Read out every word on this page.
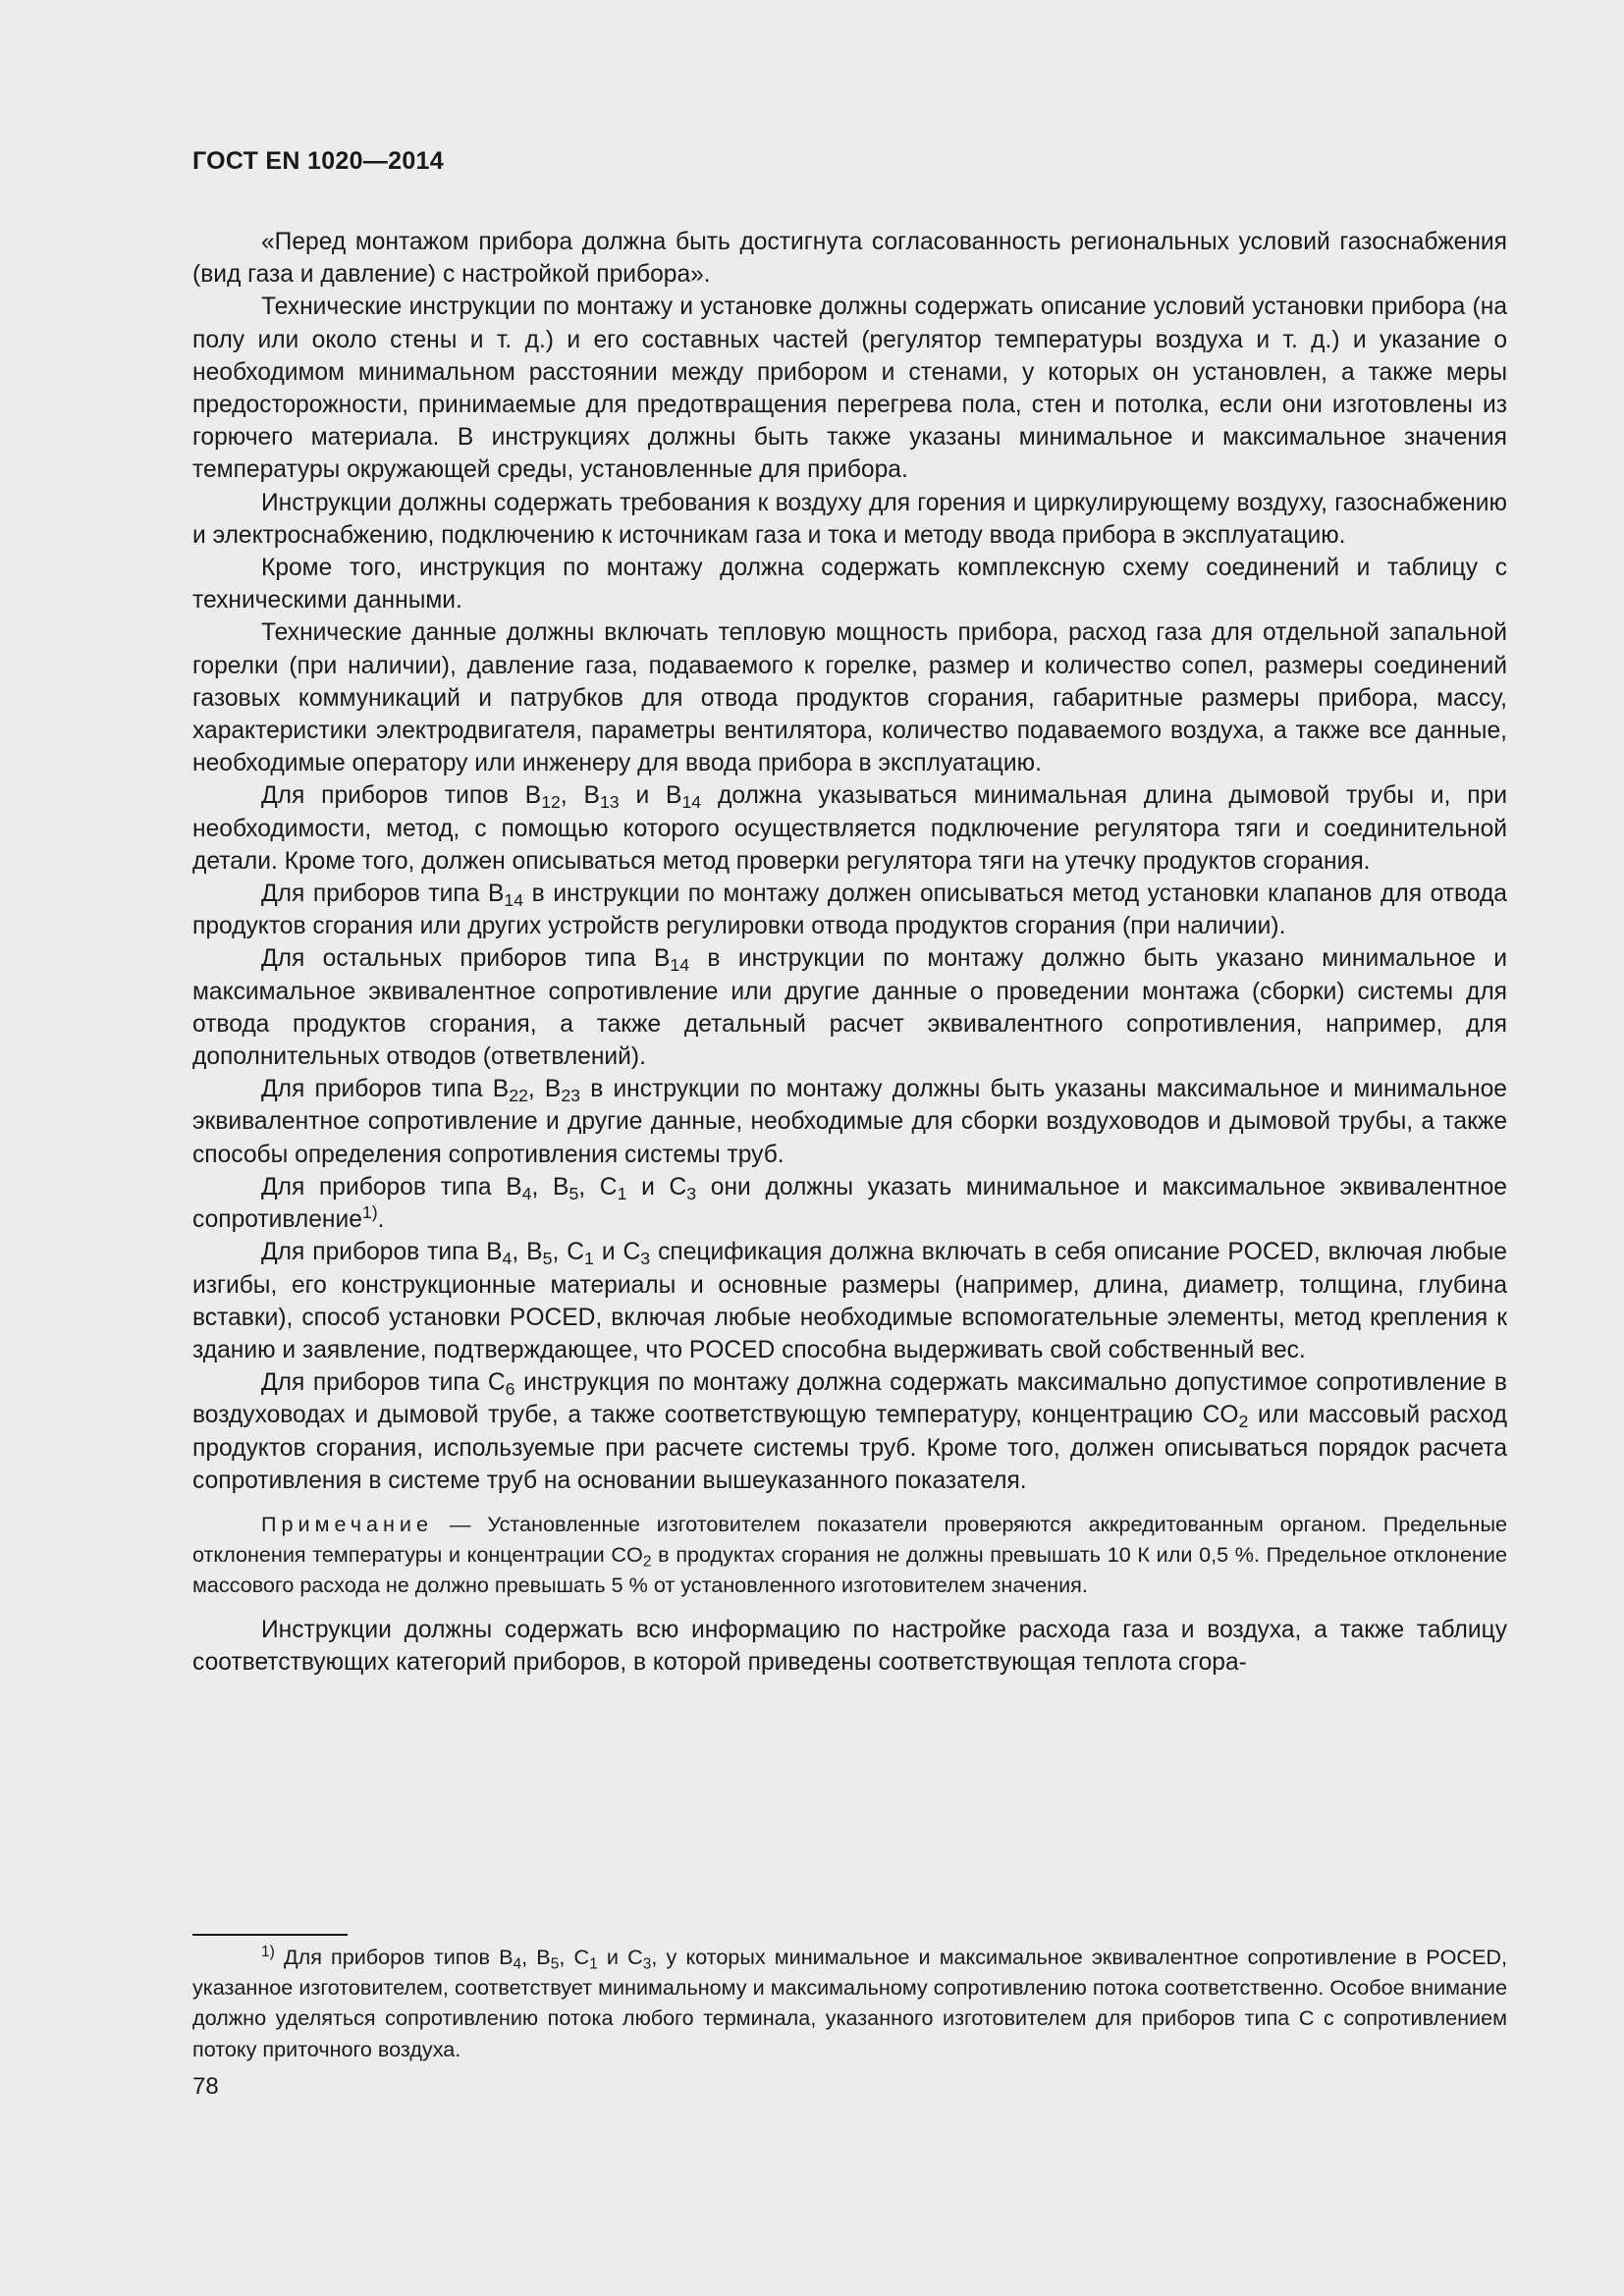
ГОСТ EN 1020—2014

«Перед монтажом прибора должна быть достигнута согласованность региональных условий газоснабжения (вид газа и давление) с настройкой прибора».

Технические инструкции по монтажу и установке должны содержать описание условий установки прибора (на полу или около стены и т. д.) и его составных частей (регулятор температуры воздуха и т. д.) и указание о необходимом минимальном расстоянии между прибором и стенами, у которых он установлен, а также меры предосторожности, принимаемые для предотвращения перегрева пола, стен и потолка, если они изготовлены из горючего материала. В инструкциях должны быть также указаны минимальное и максимальное значения температуры окружающей среды, установленные для прибора.

Инструкции должны содержать требования к воздуху для горения и циркулирующему воздуху, газоснабжению и электроснабжению, подключению к источникам газа и тока и методу ввода прибора в эксплуатацию.

Кроме того, инструкция по монтажу должна содержать комплексную схему соединений и таблицу с техническими данными.

Технические данные должны включать тепловую мощность прибора, расход газа для отдельной запальной горелки (при наличии), давление газа, подаваемого к горелке, размер и количество сопел, размеры соединений газовых коммуникаций и патрубков для отвода продуктов сгорания, габаритные размеры прибора, массу, характеристики электродвигателя, параметры вентилятора, количество подаваемого воздуха, а также все данные, необходимые оператору или инженеру для ввода прибора в эксплуатацию.

Для приборов типов $B_{12}$, $B_{13}$ и $B_{14}$ должна указываться минимальная длина дымовой трубы и, при необходимости, метод, с помощью которого осуществляется подключение регулятора тяги и соединительной детали. Кроме того, должен описываться метод проверки регулятора тяги на утечку продуктов сгорания.

Для приборов типа $B_{14}$ в инструкции по монтажу должен описываться метод установки клапанов для отвода продуктов сгорания или других устройств регулировки отвода продуктов сгорания (при наличии).

Для остальных приборов типа $B_{14}$ в инструкции по монтажу должно быть указано минимальное и максимальное эквивалентное сопротивление или другие данные о проведении монтажа (сборки) системы для отвода продуктов сгорания, а также детальный расчет эквивалентного сопротивления, например, для дополнительных отводов (ответвлений).

Для приборов типа $B_{22}$, $B_{23}$ в инструкции по монтажу должны быть указаны максимальное и минимальное эквивалентное сопротивление и другие данные, необходимые для сборки воздуховодов и дымовой трубы, а также способы определения сопротивления системы труб.

Для приборов типа $B_4$, $B_5$, $C_1$ и $C_3$ они должны указать минимальное и максимальное эквивалентное сопротивление$^{1)}$.

Для приборов типа $B_4$, $B_5$, $C_1$ и $C_3$ спецификация должна включать в себя описание POCED, включая любые изгибы, его конструкционные материалы и основные размеры (например, длина, диаметр, толщина, глубина вставки), способ установки POCED, включая любые необходимые вспомогательные элементы, метод крепления к зданию и заявление, подтверждающее, что POCED способна выдерживать свой собственный вес.

Для приборов типа $C_6$ инструкция по монтажу должна содержать максимально допустимое сопротивление в воздуховодах и дымовой трубе, а также соответствующую температуру, концентрацию $CO_2$ или массовый расход продуктов сгорания, используемые при расчете системы труб. Кроме того, должен описываться порядок расчета сопротивления в системе труб на основании вышеуказанного показателя.

Примечание — Установленные изготовителем показатели проверяются аккредитованным органом. Предельные отклонения температуры и концентрации $CO_2$ в продуктах сгорания не должны превышать 10 К или 0,5 %. Предельное отклонение массового расхода не должно превышать 5 % от установленного изготовителем значения.

Инструкции должны содержать всю информацию по настройке расхода газа и воздуха, а также таблицу соответствующих категорий приборов, в которой приведены соответствующая теплота сгора-

$^{1)}$ Для приборов типов $B_4$, $B_5$, $C_1$ и $C_3$, у которых минимальное и максимальное эквивалентное сопротивление в POCED, указанное изготовителем, соответствует минимальному и максимальному сопротивлению потока соответственно. Особое внимание должно уделяться сопротивлению потока любого терминала, указанного изготовителем для приборов типа C с сопротивлением потоку приточного воздуха.

78
